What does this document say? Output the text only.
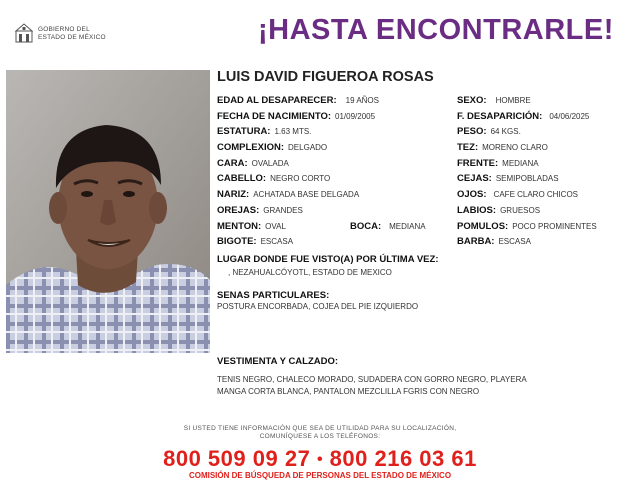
GOBIERNO DEL
ESTADO DE MÉXICO	¡HASTA ENCONTRARLE!
LUIS DAVID FIGUEROA ROSAS
EDAD AL DESAPARECER: 19 AÑOS
FECHA DE NACIMIENTO: 01/09/2005
ESTATURA: 1.63 MTS.
COMPLEXION: DELGADO
CARA: OVALADA
CABELLO: NEGRO CORTO
NARIZ: ACHATADA BASE DELGADA
OREJAS: GRANDES
MENTON: OVAL	BOCA: MEDIANA
BIGOTE: ESCASA
SEXO: HOMBRE
F. DESAPARICIÓN: 04/06/2025
PESO: 64 KGS.
TEZ: MORENO CLARO
FRENTE: MEDIANA
CEJAS: SEMIPOBLADAS
OJOS: CAFE CLARO CHICOS
LABIOS: GRUESOS
POMULOS: POCO PROMINENTES
BARBA: ESCASA
LUGAR DONDE FUE VISTO(A) POR ÚLTIMA VEZ:
, NEZAHUALCÓYOTL, ESTADO DE MEXICO
SENAS PARTICULARES:
POSTURA ENCORBADA, COJEA DEL PIE IZQUIERDO
VESTIMENTA Y CALZADO:
TENIS NEGRO, CHALECO MORADO, SUDADERA CON GORRO NEGRO, PLAYERA
MANGA CORTA BLANCA, PANTALON MEZCLILLA FGRIS CON NEGRO
SI USTED TIENE INFORMACIÓN QUE SEA DE UTILIDAD PARA SU LOCALIZACIÓN,
COMUNÍQUESE A LOS TELÉFONOS:
800 509 09 27 • 800 216 03 61
COMISIÓN DE BÚSQUEDA DE PERSONAS DEL ESTADO DE MÉXICO
